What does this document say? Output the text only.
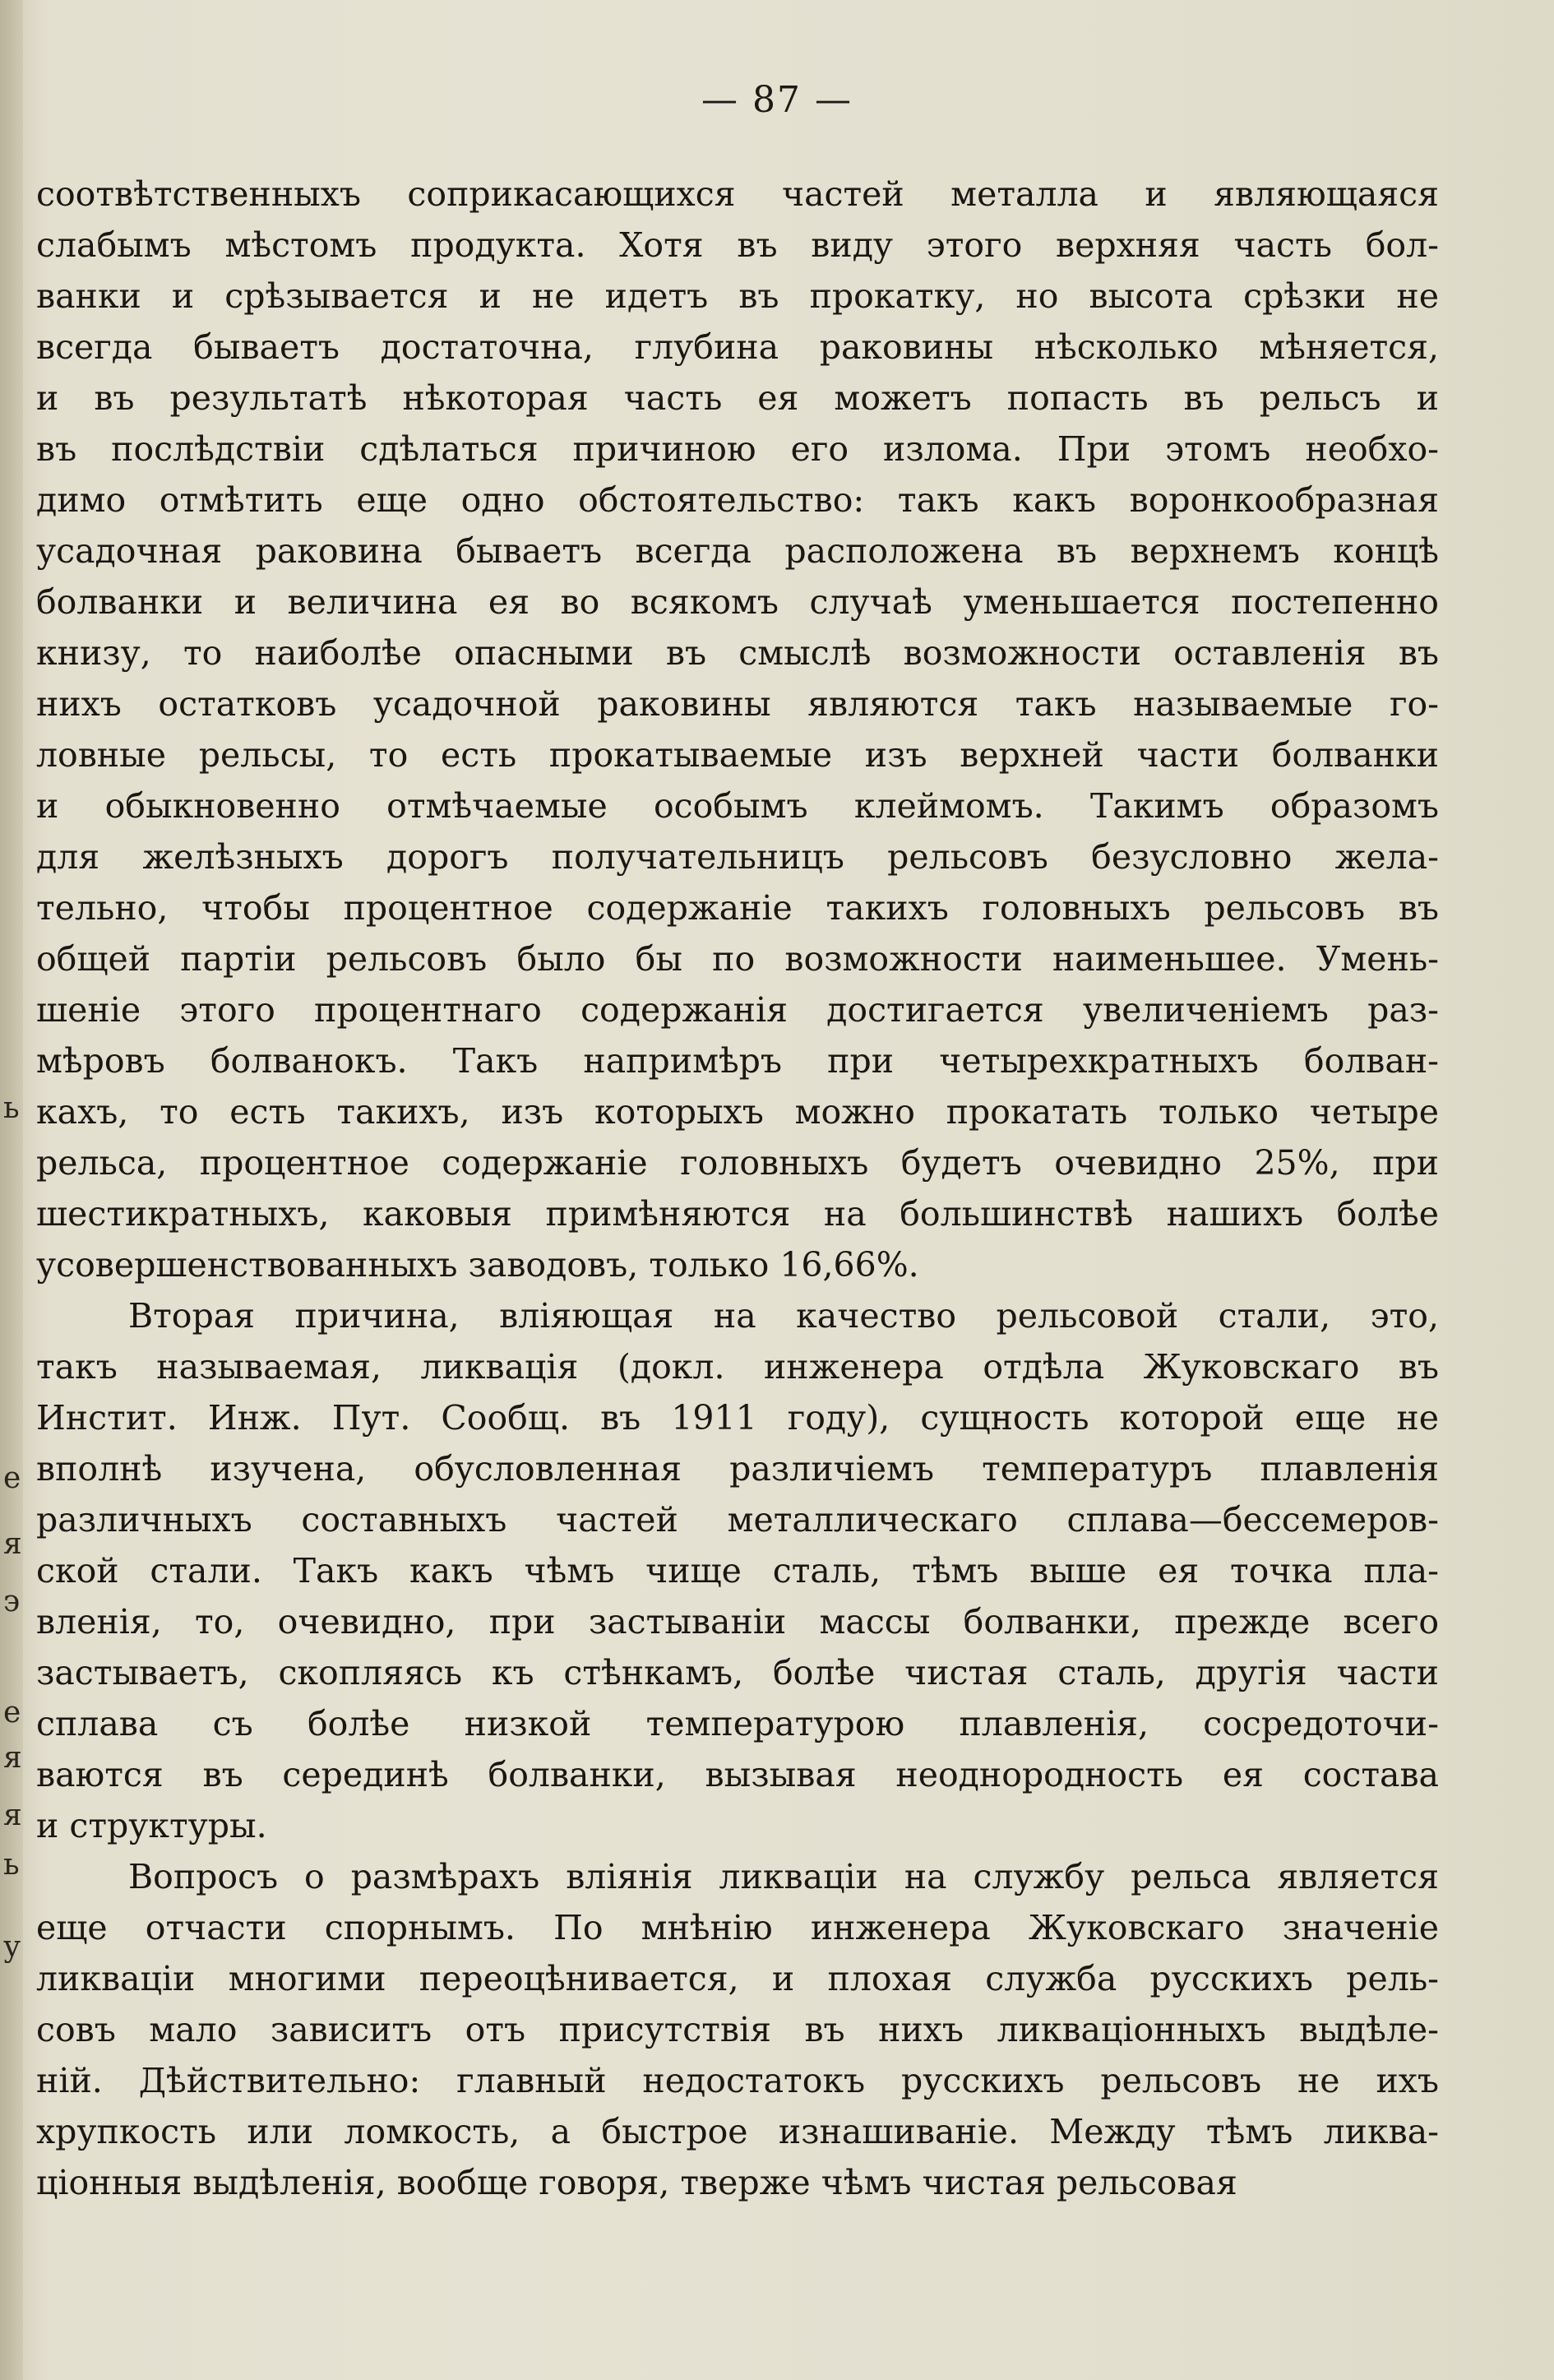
ь
e
я
э
e
я
я
ь
у
— 87 —
соотвѣтственныхъ соприкасающихся частей металла и являющаяся
слабымъ мѣстомъ продукта. Хотя въ виду этого верхняя часть бол-
ванки и срѣзывается и не идетъ въ прокатку, но высота срѣзки не
всегда бываетъ достаточна, глубина раковины нѣсколько мѣняется,
и въ результатѣ нѣкоторая часть ея можетъ попасть въ рельсъ и
въ послѣдствіи сдѣлаться причиною его излома. При этомъ необхо-
димо отмѣтить еще одно обстоятельство: такъ какъ воронкообразная
усадочная раковина бываетъ всегда расположена въ верхнемъ концѣ
болванки и величина ея во всякомъ случаѣ уменьшается постепенно
книзу, то наиболѣе опасными въ смыслѣ возможности оставленія въ
нихъ остатковъ усадочной раковины являются такъ называемые го-
ловные рельсы, то есть прокатываемые изъ верхней части болванки
и обыкновенно отмѣчаемые особымъ клеймомъ. Такимъ образомъ
для желѣзныхъ дорогъ получательницъ рельсовъ безусловно жела-
тельно, чтобы процентное содержаніе такихъ головныхъ рельсовъ въ
общей партіи рельсовъ было бы по возможности наименьшее. Умень-
шеніе этого процентнаго содержанія достигается увеличеніемъ раз-
мѣровъ болванокъ. Такъ напримѣръ при четырехкратныхъ болван-
кахъ, то есть такихъ, изъ которыхъ можно прокатать только четыре
рельса, процентное содержаніе головныхъ будетъ очевидно 25%, при
шестикратныхъ, каковыя примѣняются на большинствѣ нашихъ болѣе
усовершенствованныхъ заводовъ, только 16,66%.
Вторая причина, вліяющая на качество рельсовой стали, это,
такъ называемая, ликвація (докл. инженера отдѣла Жуковскаго въ
Инстит. Инж. Пут. Сообщ. въ 1911 году), сущность которой еще не
вполнѣ изучена, обусловленная различіемъ температуръ плавленія
различныхъ составныхъ частей металлическаго сплава—бессемеров-
ской стали. Такъ какъ чѣмъ чище сталь, тѣмъ выше ея точка пла-
вленія, то, очевидно, при застываніи массы болванки, прежде всего
застываетъ, скопляясь къ стѣнкамъ, болѣе чистая сталь, другія части
сплава съ болѣе низкой температурою плавленія, сосредоточи-
ваются въ серединѣ болванки, вызывая неоднородность ея состава
и структуры.
Вопросъ о размѣрахъ вліянія ликваціи на службу рельса является
еще отчасти спорнымъ. По мнѣнію инженера Жуковскаго значеніе
ликваціи многими переоцѣнивается, и плохая служба русскихъ рель-
совъ мало зависитъ отъ присутствія въ нихъ ликваціонныхъ выдѣле-
ній. Дѣйствительно: главный недостатокъ русскихъ рельсовъ не ихъ
хрупкость или ломкость, а быстрое изнашиваніе. Между тѣмъ ликва-
ціонныя выдѣленія, вообще говоря, тверже чѣмъ чистая рельсовая
